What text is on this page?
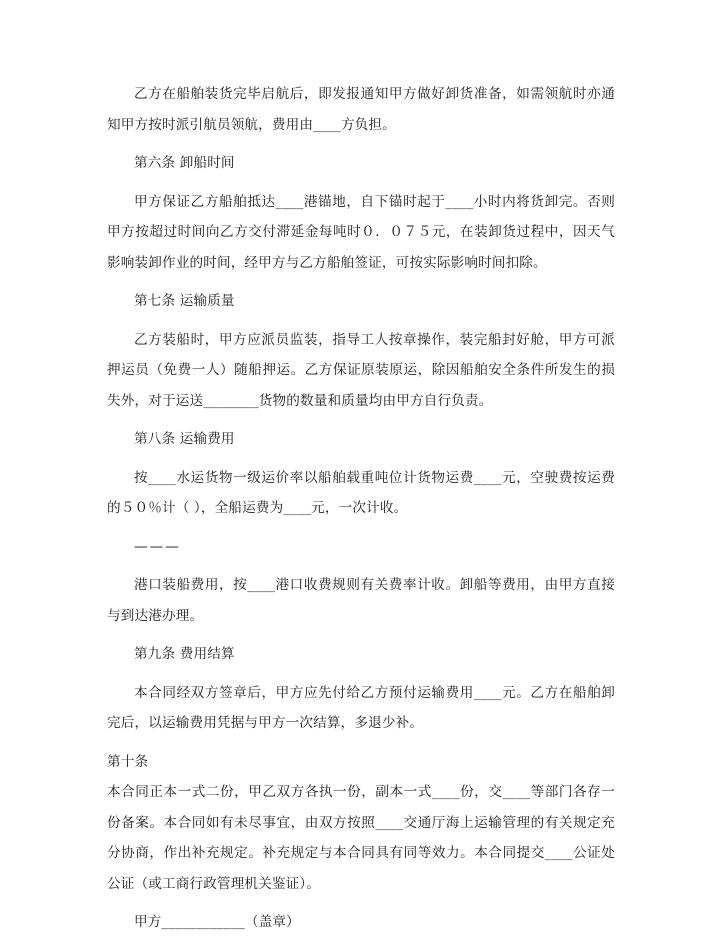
乙方在船舶装货完毕启航后，即发报通知甲方做好卸货准备，如需领航时亦通知甲方按时派引航员领航，费用由____方负担。

第六条 卸船时间

甲方保证乙方船舶抵达____港锚地，自下锚时起于____小时内将货卸完。否则甲方按超过时间向乙方交付滞延金每吨时０．０７５元，在装卸货过程中，因天气影响装卸作业的时间，经甲方与乙方船舶签证，可按实际影响时间扣除。

第七条 运输质量

乙方装船时，甲方应派员监装，指导工人按章操作，装完船封好舱，甲方可派押运员（免费一人）随船押运。乙方保证原装原运，除因船舶安全条件所发生的损失外，对于运送________货物的数量和质量均由甲方自行负责。

第八条 运输费用

按____水运货物一级运价率以船舶载重吨位计货物运费____元，空驶费按运费的５０％计（ ），全船运费为____元，一次计收。

———

港口装船费用，按____港口收费规则有关费率计收。卸船等费用，由甲方直接与到达港办理。

第九条 费用结算

本合同经双方签章后，甲方应先付给乙方预付运输费用____元。乙方在船舶卸完后，以运输费用凭据与甲方一次结算，多退少补。

第十条

本合同正本一式二份，甲乙双方各执一份，副本一式____份，交____等部门各存一份备案。本合同如有未尽事宜，由双方按照____交通厅海上运输管理的有关规定充分协商，作出补充规定。补充规定与本合同具有同等效力。本合同提交____公证处公证（或工商行政管理机关鉴证）。

甲方____________（盖章）
